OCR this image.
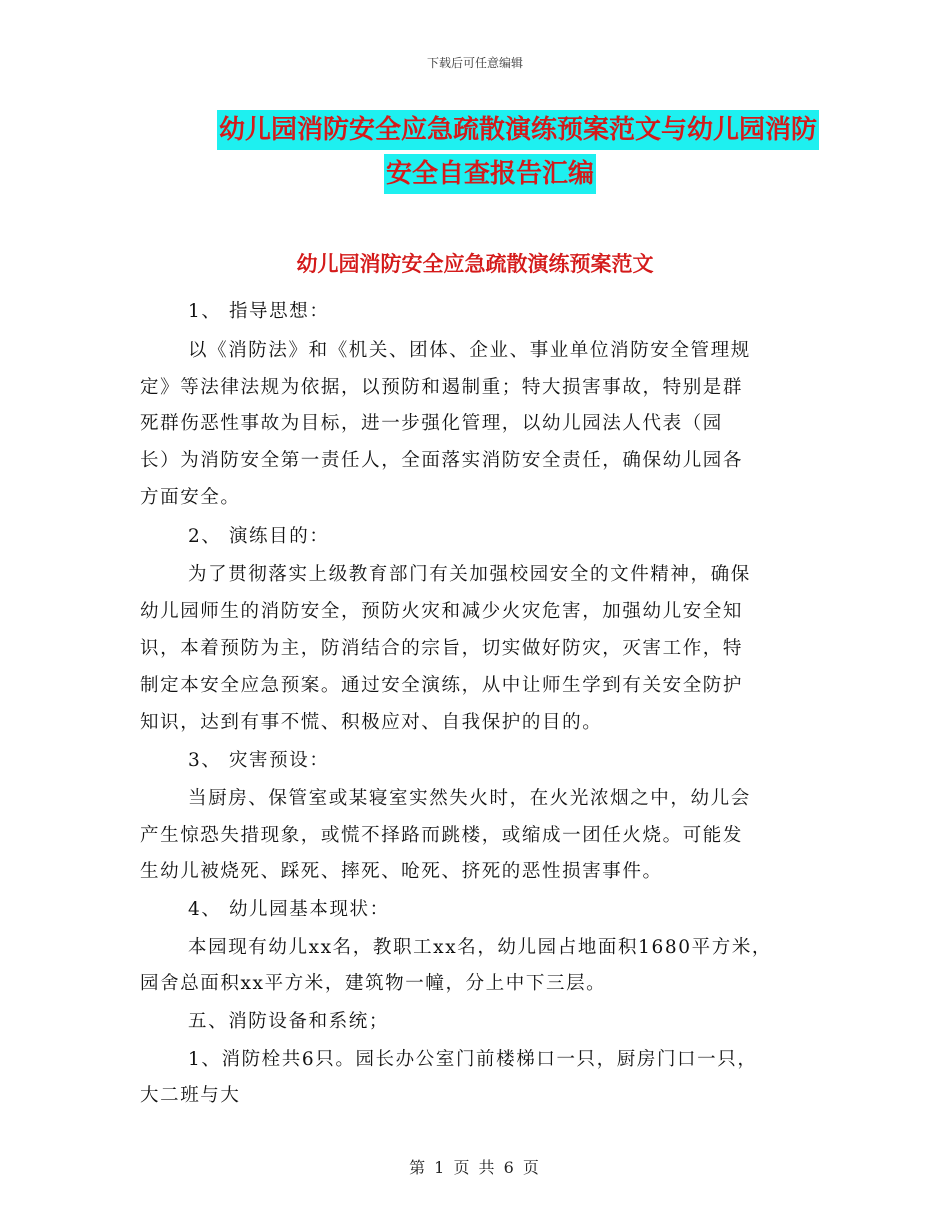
下载后可任意编辑
幼儿园消防安全应急疏散演练预案范文与幼儿园消防
安全自查报告汇编
幼儿园消防安全应急疏散演练预案范文
1、 指导思想：
以《消防法》和《机关、团体、企业、事业单位消防安全管理规
定》等法律法规为依据，以预防和遏制重；特大损害事故，特别是群
死群伤恶性事故为目标，进一步强化管理，以幼儿园法人代表（园
长）为消防安全第一责任人，全面落实消防安全责任，确保幼儿园各
方面安全。
2、 演练目的：
为了贯彻落实上级教育部门有关加强校园安全的文件精神，确保
幼儿园师生的消防安全，预防火灾和减少火灾危害，加强幼儿安全知
识，本着预防为主，防消结合的宗旨，切实做好防灾，灭害工作，特
制定本安全应急预案。通过安全演练，从中让师生学到有关安全防护
知识，达到有事不慌、积极应对、自我保护的目的。
3、 灾害预设：
当厨房、保管室或某寝室实然失火时，在火光浓烟之中，幼儿会
产生惊恐失措现象，或慌不择路而跳楼，或缩成一团任火烧。可能发
生幼儿被烧死、踩死、摔死、呛死、挤死的恶性损害事件。
4、 幼儿园基本现状：
本园现有幼儿xx名，教职工xx名，幼儿园占地面积1680平方米，
园舍总面积xx平方米，建筑物一幢，分上中下三层。
五、消防设备和系统；
1、消防栓共6只。园长办公室门前楼梯口一只，厨房门口一只，
大二班与大
第 1 页 共 6 页
